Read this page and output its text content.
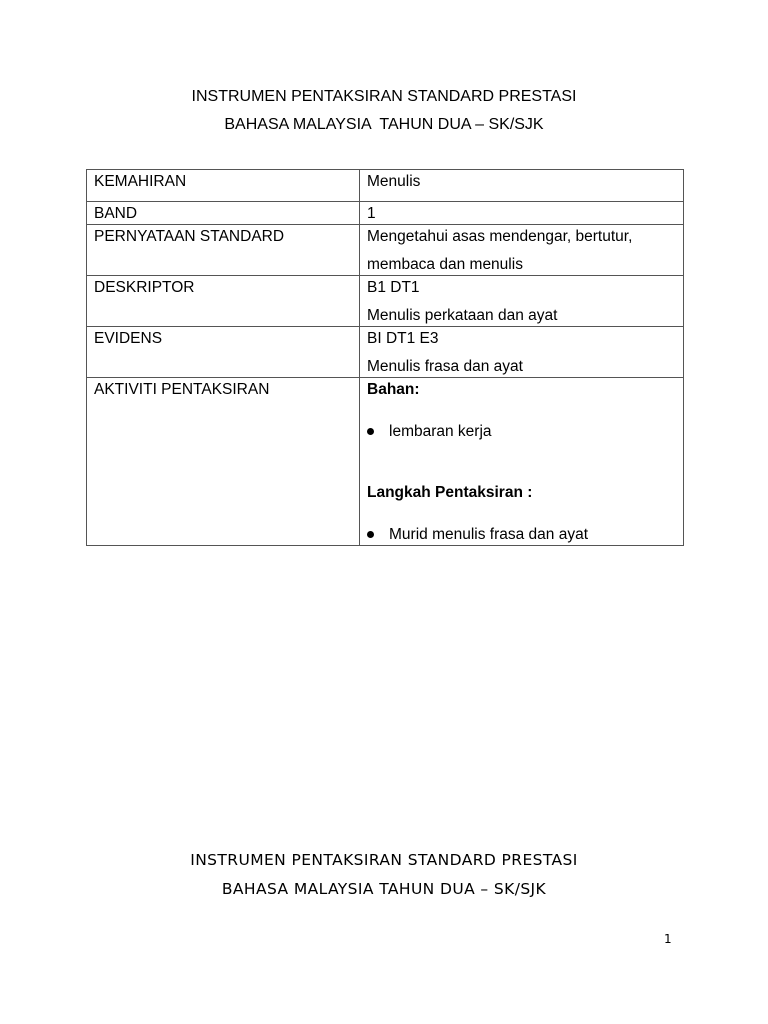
INSTRUMEN PENTAKSIRAN STANDARD PRESTASI
BAHASA MALAYSIA  TAHUN DUA – SK/SJK
KEMAHIRAN	Menulis
BAND	1
PERNYATAAN STANDARD	Mengetahui asas mendengar, bertutur,
membaca dan menulis

DESKRIPTOR	B1 DT1
Menulis perkataan dan ayat

EVIDENS	BI DT1 E3
Menulis frasa dan ayat

AKTIVITI PENTAKSIRAN	Bahan:
lembaran kerja
Langkah Pentaksiran :
Murid menulis frasa dan ayat
INSTRUMEN PENTAKSIRAN STANDARD PRESTASI
BAHASA MALAYSIA TAHUN DUA – SK/SJK
1
